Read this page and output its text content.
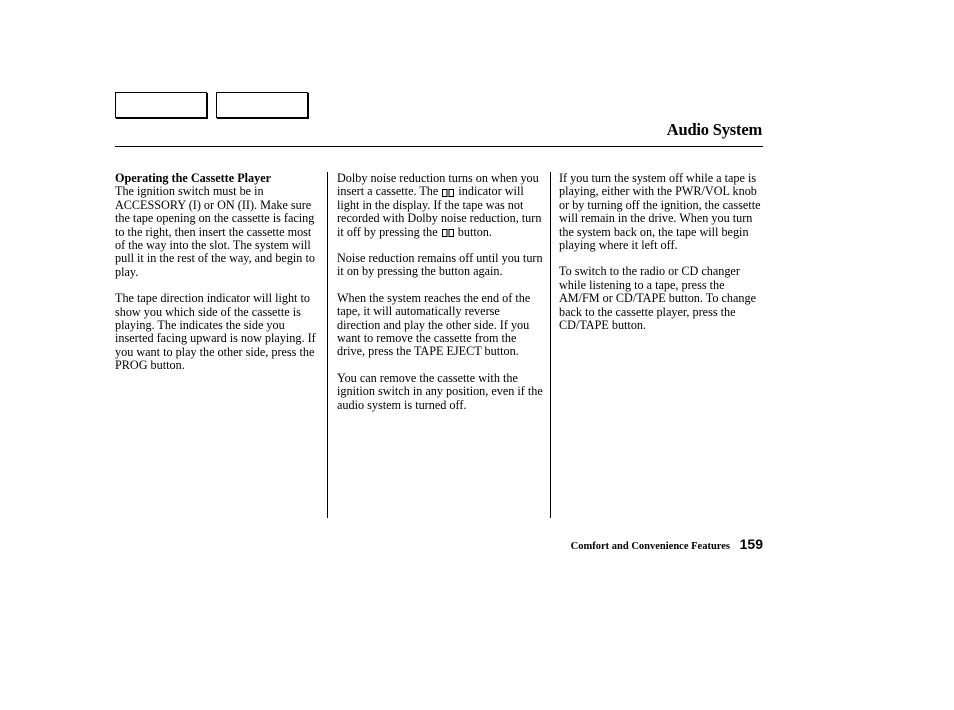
Audio System

Operating the Cassette Player
The ignition switch must be in ACCESSORY (I) or ON (II). Make sure the tape opening on the cassette is facing to the right, then insert the cassette most of the way into the slot. The system will pull it in the rest of the way, and begin to play.

The tape direction indicator will light to show you which side of the cassette is playing. The indicates the side you inserted facing upward is now playing. If you want to play the other side, press the PROG button.

Dolby noise reduction turns on when you insert a cassette. The indicator will light in the display. If the tape was not recorded with Dolby noise reduction, turn it off by pressing the button.

Noise reduction remains off until you turn it on by pressing the button again.

When the system reaches the end of the tape, it will automatically reverse direction and play the other side. If you want to remove the cassette from the drive, press the TAPE EJECT button.

You can remove the cassette with the ignition switch in any position, even if the audio system is turned off.

If you turn the system off while a tape is playing, either with the PWR/VOL knob or by turning off the ignition, the cassette will remain in the drive. When you turn the system back on, the tape will begin playing where it left off.

To switch to the radio or CD changer while listening to a tape, press the AM/FM or CD/TAPE button. To change back to the cassette player, press the CD/TAPE button.

Comfort and Convenience Features 159
